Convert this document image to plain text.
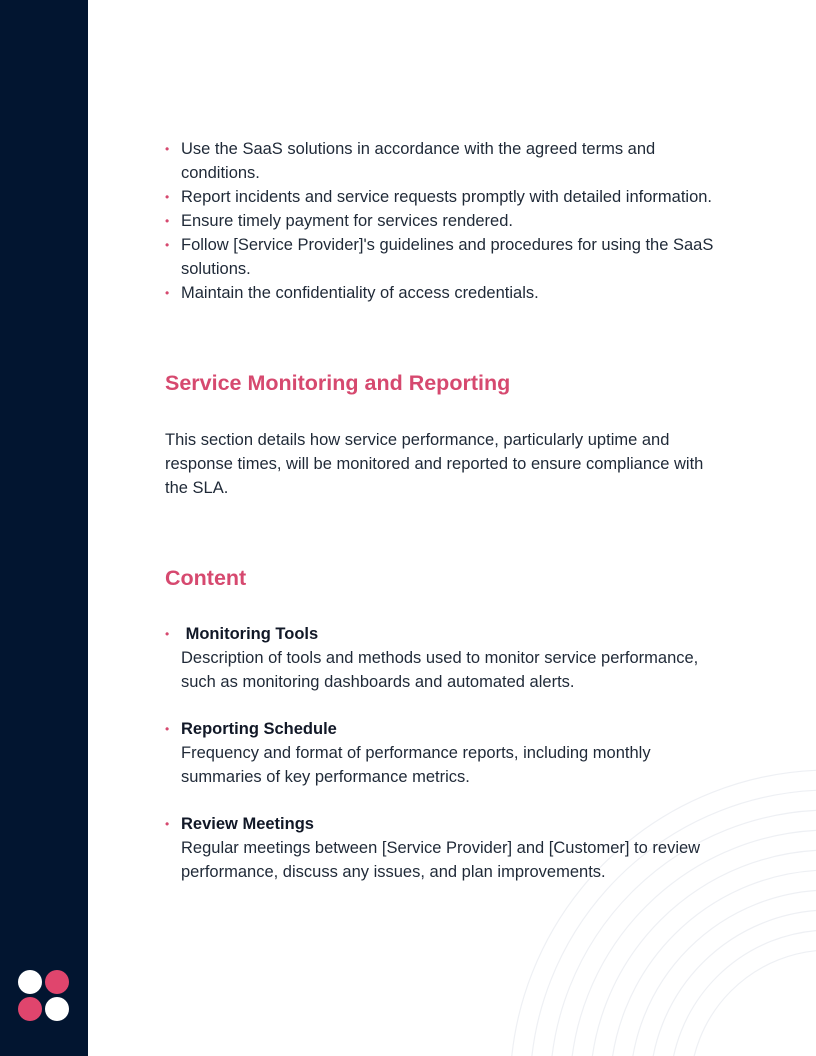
• Use the SaaS solutions in accordance with the agreed terms and conditions.
• Report incidents and service requests promptly with detailed information.
• Ensure timely payment for services rendered.
• Follow [Service Provider]'s guidelines and procedures for using the SaaS solutions.
• Maintain the confidentiality of access credentials.
Service Monitoring and Reporting

This section details how service performance, particularly uptime and response times, will be monitored and reported to ensure compliance with the SLA.

Content
• Monitoring Tools
Description of tools and methods used to monitor service performance, such as monitoring dashboards and automated alerts.
• Reporting Schedule
Frequency and format of performance reports, including monthly summaries of key performance metrics.
• Review Meetings
Regular meetings between [Service Provider] and [Customer] to review performance, discuss any issues, and plan improvements.
